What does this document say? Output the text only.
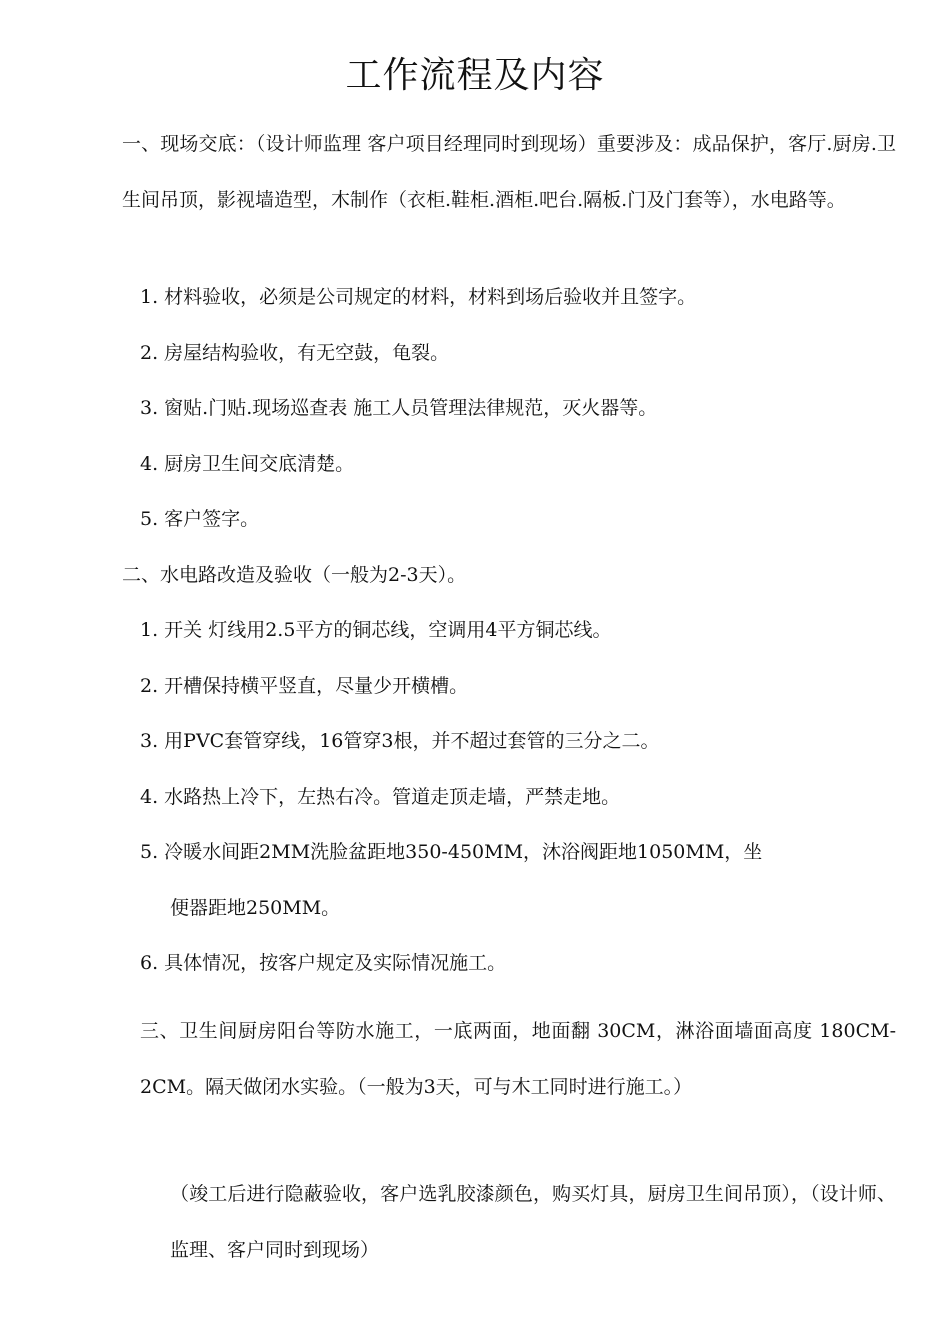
工作流程及内容

一、现场交底：（设计师监理 客户项目经理同时到现场）重要涉及：成品保护，客厅.厨房.卫生间吊顶，影视墙造型，木制作（衣柜.鞋柜.酒柜.吧台.隔板.门及门套等），水电路等。

1. 材料验收，必须是公司规定的材料，材料到场后验收并且签字。
2. 房屋结构验收，有无空鼓，龟裂。
3. 窗贴.门贴.现场巡查表 施工人员管理法律规范，灭火器等。
4. 厨房卫生间交底清楚。
5. 客户签字。
二、水电路改造及验收（一般为2-3天）。
1. 开关 灯线用2.5平方的铜芯线，空调用4平方铜芯线。
2. 开槽保持横平竖直，尽量少开横槽。
3. 用PVC套管穿线，16管穿3根，并不超过套管的三分之二。
4. 水路热上冷下，左热右冷。管道走顶走墙，严禁走地。
5. 冷暖水间距2MM洗脸盆距地350-450MM，沐浴阀距地1050MM，坐
便器距地250MM。
6. 具体情况，按客户规定及实际情况施工。

三、卫生间厨房阳台等防水施工，一底两面，地面翻 30CM，淋浴面墙面高度 180CM-2CM。隔天做闭水实验。（一般为3天，可与木工同时进行施工。）

（竣工后进行隐蔽验收，客户选乳胶漆颜色，购买灯具，厨房卫生间吊顶），（设计师、监理、客户同时到现场）
